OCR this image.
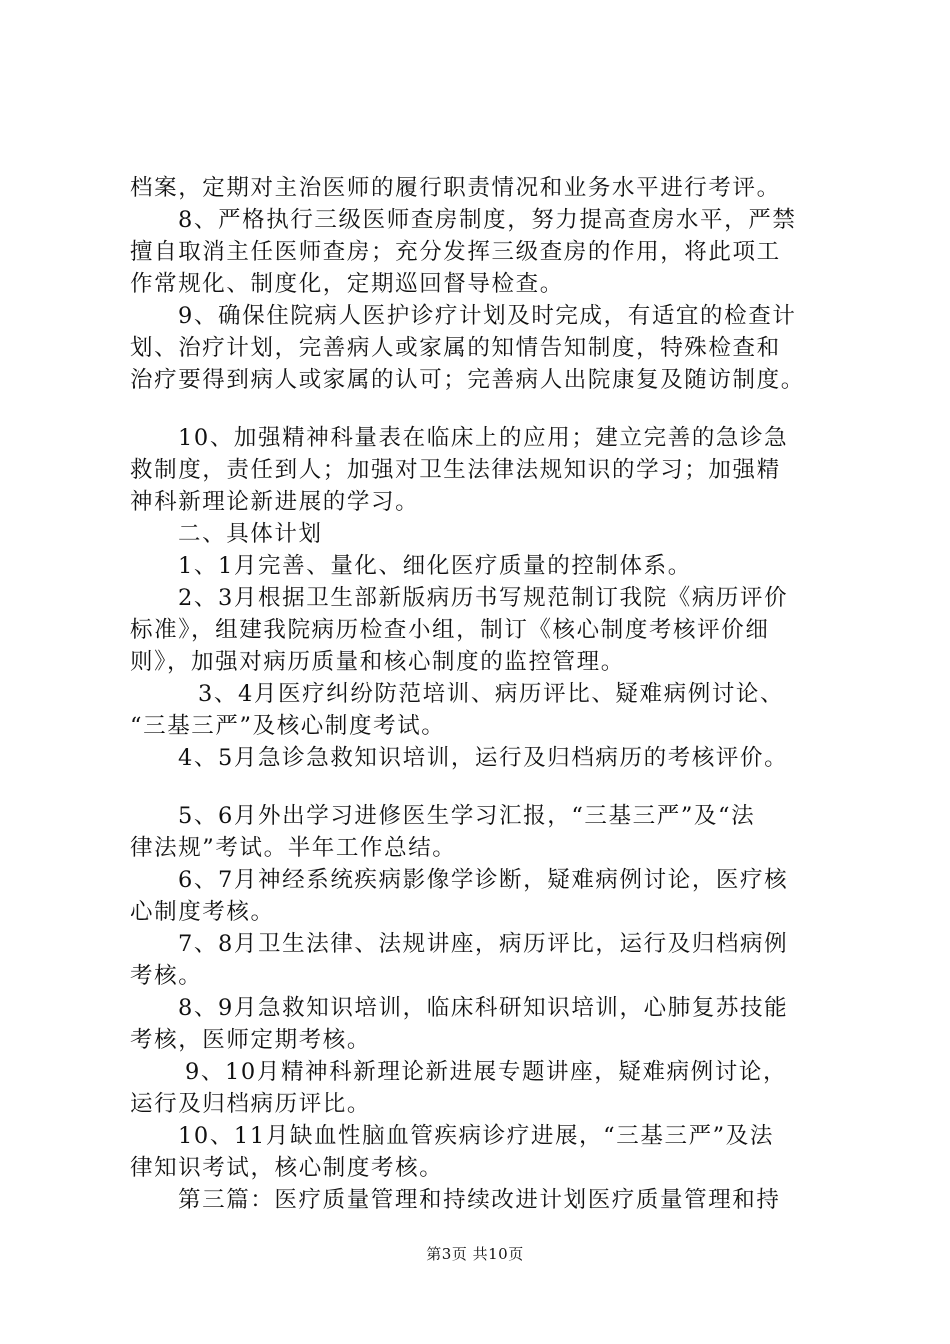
档案，定期对主治医师的履行职责情况和业务水平进行考评。
8、严格执行三级医师查房制度，努力提高查房水平，严禁
擅自取消主任医师查房；充分发挥三级查房的作用，将此项工
作常规化、制度化，定期巡回督导检查。
9、确保住院病人医护诊疗计划及时完成，有适宜的检查计
划、治疗计划，完善病人或家属的知情告知制度，特殊检查和
治疗要得到病人或家属的认可；完善病人出院康复及随访制度。
10、加强精神科量表在临床上的应用；建立完善的急诊急
救制度，责任到人；加强对卫生法律法规知识的学习；加强精
神科新理论新进展的学习。
二、具体计划
1、1月完善、量化、细化医疗质量的控制体系。
2、3月根据卫生部新版病历书写规范制订我院《病历评价
标准》，组建我院病历检查小组，制订《核心制度考核评价细
则》，加强对病历质量和核心制度的监控管理。
3、4月医疗纠纷防范培训、病历评比、疑难病例讨论、
“三基三严”及核心制度考试。
4、5月急诊急救知识培训，运行及归档病历的考核评价。
5、6月外出学习进修医生学习汇报，“三基三严”及“法
律法规”考试。半年工作总结。
6、7月神经系统疾病影像学诊断，疑难病例讨论，医疗核
心制度考核。
7、8月卫生法律、法规讲座，病历评比，运行及归档病例
考核。
8、9月急救知识培训，临床科研知识培训，心肺复苏技能
考核，医师定期考核。
9、10月精神科新理论新进展专题讲座，疑难病例讨论，
运行及归档病历评比。
10、11月缺血性脑血管疾病诊疗进展，“三基三严”及法
律知识考试，核心制度考核。
第三篇：医疗质量管理和持续改进计划医疗质量管理和持
第3页 共10页
